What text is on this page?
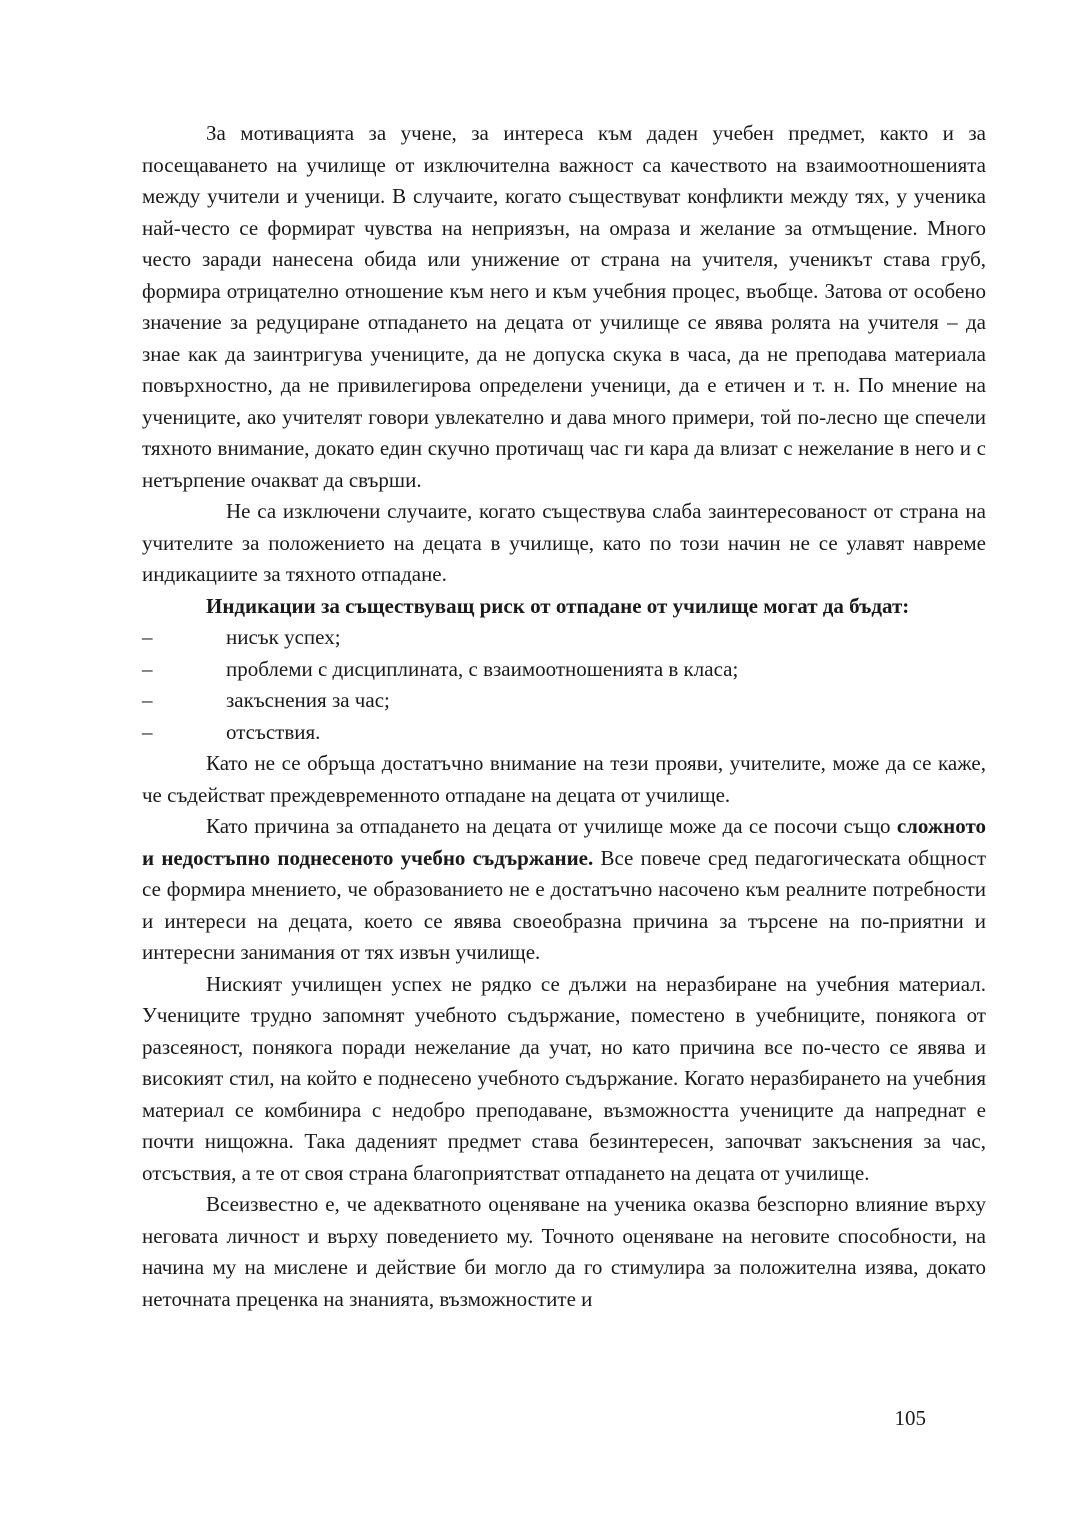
За мотивацията за учене, за интереса към даден учебен предмет, както и за посещаването на училище от изключителна важност са качеството на взаимоотношенията между учители и ученици. В случаите, когато съществуват конфликти между тях, у ученика най-често се формират чувства на неприязън, на омраза и желание за отмъщение. Много често заради нанесена обида или унижение от страна на учителя, ученикът става груб, формира отрицателно отношение към него и към учебния процес, въобще. Затова от особено значение за редуциране отпадането на децата от училище се явява ролята на учителя – да знае как да заинтригува учениците, да не допуска скука в часа, да не преподава материала повърхностно, да не привилегирова определени ученици, да е етичен и т. н. По мнение на учениците, ако учителят говори увлекателно и дава много примери, той по-лесно ще спечели тяхното внимание, докато един скучно протичащ час ги кара да влизат с нежелание в него и с нетърпение очакват да свърши.

Не са изключени случаите, когато съществува слаба заинтересованост от страна на учителите за положението на децата в училище, като по този начин не се улавят навреме индикациите за тяхното отпадане.

Индикации за съществуващ риск от отпадане от училище могат да бъдат:

–	нисък успех;
–	проблеми с дисциплината, с взаимоотношенията в класа;
–	закъснения за час;
–	отсъствия.

Като не се обръща достатъчно внимание на тези прояви, учителите, може да се каже, че съдействат преждевременното отпадане на децата от училище.

Като причина за отпадането на децата от училище може да се посочи също сложното и недостъпно поднесеното учебно съдържание. Все повече сред педагогическата общност се формира мнението, че образованието не е достатъчно насочено към реалните потребности и интереси на децата, което се явява своеобразна причина за търсене на по-приятни и интересни занимания от тях извън училище.

Ниският училищен успех не рядко се дължи на неразбиране на учебния материал. Учениците трудно запомнят учебното съдържание, поместено в учебниците, понякога от разсеяност, понякога поради нежелание да учат, но като причина все по-често се явява и високият стил, на който е поднесено учебното съдържание. Когато неразбирането на учебния материал се комбинира с недобро преподаване, възможността учениците да напреднат е почти нищожна. Така даденият предмет става безинтересен, започват закъснения за час, отсъствия, а те от своя страна благоприятстват отпадането на децата от училище.

Всеизвестно е, че адекватното оценяване на ученика оказва безспорно влияние върху неговата личност и върху поведението му. Точното оценяване на неговите способности, на начина му на мислене и действие би могло да го стимулира за положителна изява, докато неточната преценка на знанията, възможностите и

105
